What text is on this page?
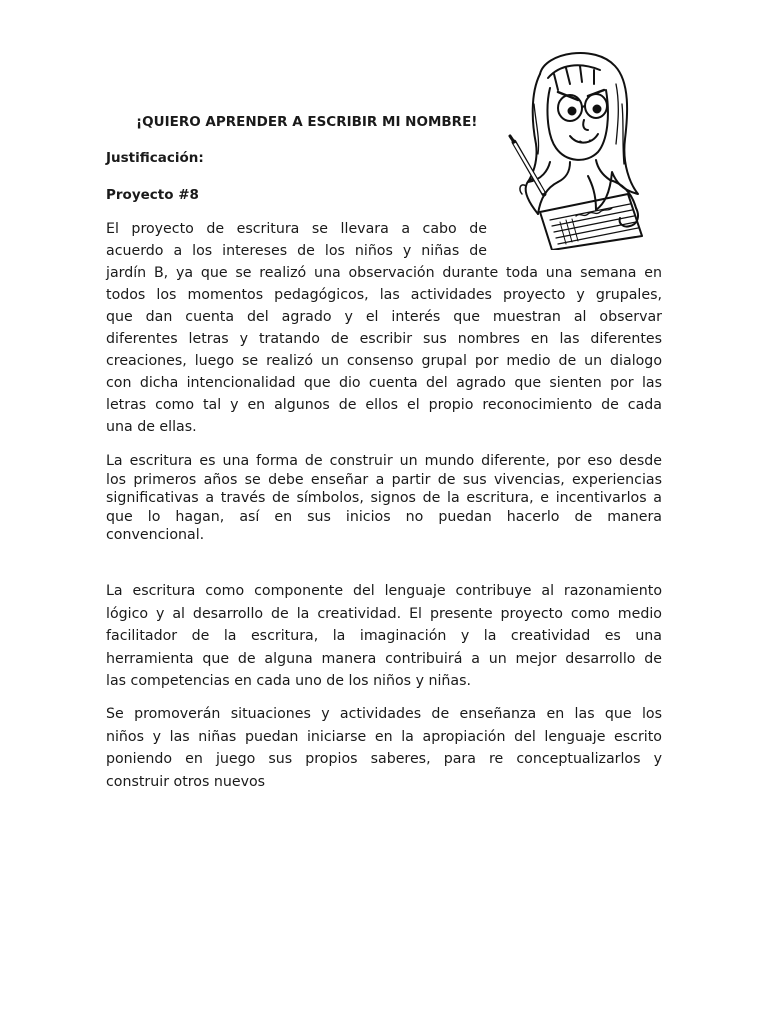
¡QUIERO APRENDER A ESCRIBIR MI NOMBRE!
Justificación:
Proyecto #8
El proyecto de escritura se llevara a cabo de
acuerdo a los intereses de los niños y niñas de
jardín B, ya que se realizó una observación durante toda una semana en
todos los momentos pedagógicos, las actividades proyecto y grupales,
que dan cuenta del agrado y el interés que muestran al observar
diferentes letras y tratando de escribir sus nombres en las diferentes
creaciones, luego se realizó un consenso grupal por medio de un dialogo
con dicha intencionalidad que dio cuenta del agrado que sienten por las
letras como tal y en algunos de ellos el propio reconocimiento de cada
una de ellas.
La escritura es una forma de construir un mundo diferente, por eso desde
los primeros años se debe enseñar a partir de sus vivencias, experiencias
significativas a través de símbolos, signos de la escritura, e incentivarlos a
que lo hagan, así en sus inicios no puedan hacerlo de manera
convencional.
La escritura como componente del lenguaje contribuye al razonamiento
lógico y al desarrollo de la creatividad. El presente proyecto como medio
facilitador de la escritura, la imaginación y la creatividad es una
herramienta que de alguna manera contribuirá a un mejor desarrollo de
las competencias en cada uno de los niños y niñas.
Se promoverán situaciones y actividades de enseñanza en las que los
niños y las niñas puedan iniciarse en la apropiación del lenguaje escrito
poniendo en juego sus propios saberes, para re conceptualizarlos y
construir otros nuevos
